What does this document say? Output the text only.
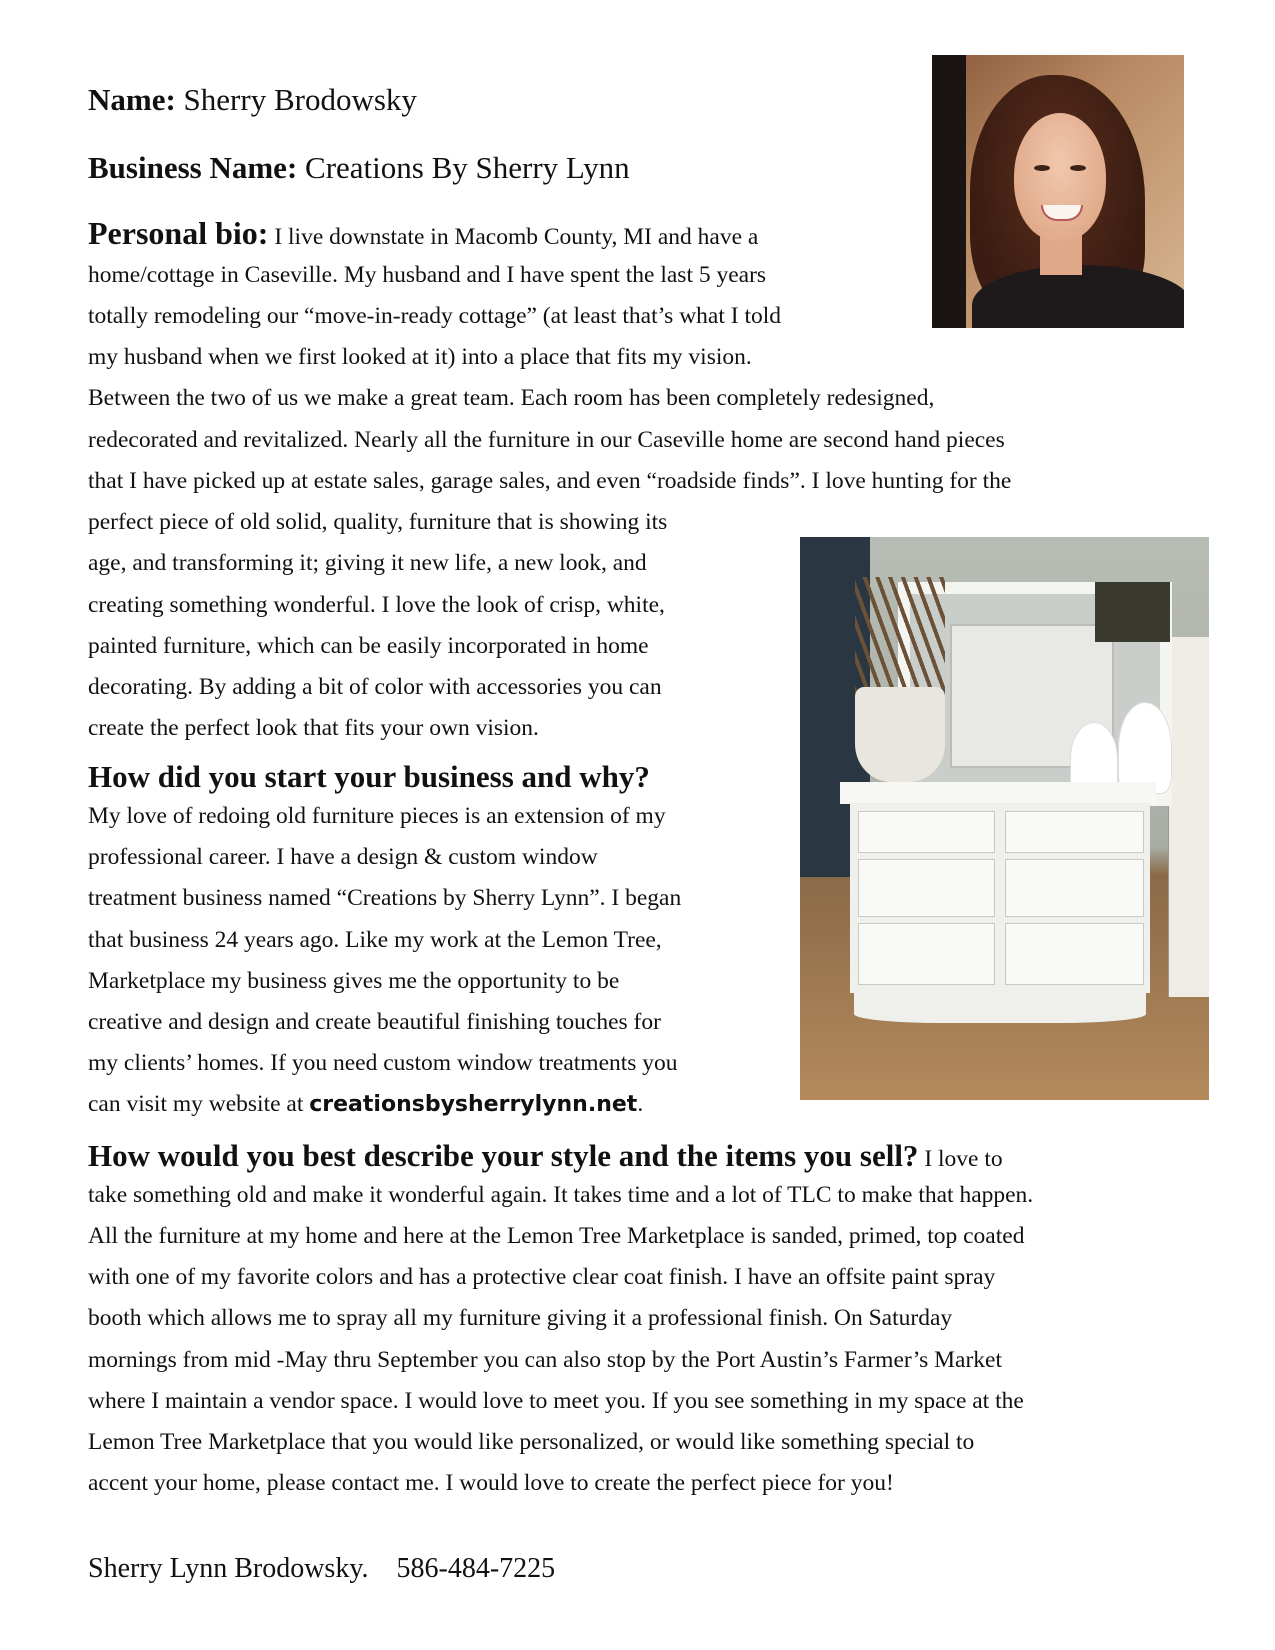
Name: Sherry Brodowsky
Business Name: Creations By Sherry Lynn
Personal bio: I live downstate in Macomb County, MI and have a
home/cottage in Caseville. My husband and I have spent the last 5 years
totally remodeling our “move-in-ready cottage” (at least that’s what I told
my husband when we first looked at it) into a place that fits my vision.
Between the two of us we make a great team. Each room has been completely redesigned,
redecorated and revitalized. Nearly all the furniture in our Caseville home are second hand pieces
that I have picked up at estate sales, garage sales, and even “roadside finds”. I love hunting for the
perfect piece of old solid, quality, furniture that is showing its
age, and transforming it; giving it new life, a new look, and
creating something wonderful. I love the look of crisp, white,
painted furniture, which can be easily incorporated in home
decorating. By adding a bit of color with accessories you can
create the perfect look that fits your own vision.
How did you start your business and why?
My love of redoing old furniture pieces is an extension of my
professional career. I have a design & custom window
treatment business named “Creations by Sherry Lynn”. I began
that business 24 years ago. Like my work at the Lemon Tree,
Marketplace my business gives me the opportunity to be
creative and design and create beautiful finishing touches for
my clients’ homes. If you need custom window treatments you
can visit my website at creationsbysherrylynn.net.
How would you best describe your style and the items you sell? I love to
take something old and make it wonderful again. It takes time and a lot of TLC to make that happen.
All the furniture at my home and here at the Lemon Tree Marketplace is sanded, primed, top coated
with one of my favorite colors and has a protective clear coat finish. I have an offsite paint spray
booth which allows me to spray all my furniture giving it a professional finish. On Saturday
mornings from mid -May thru September you can also stop by the Port Austin’s Farmer’s Market
where I maintain a vendor space. I would love to meet you. If you see something in my space at the
Lemon Tree Marketplace that you would like personalized, or would like something special to
accent your home, please contact me. I would love to create the perfect piece for you!
Sherry Lynn Brodowsky. 586-484-7225
